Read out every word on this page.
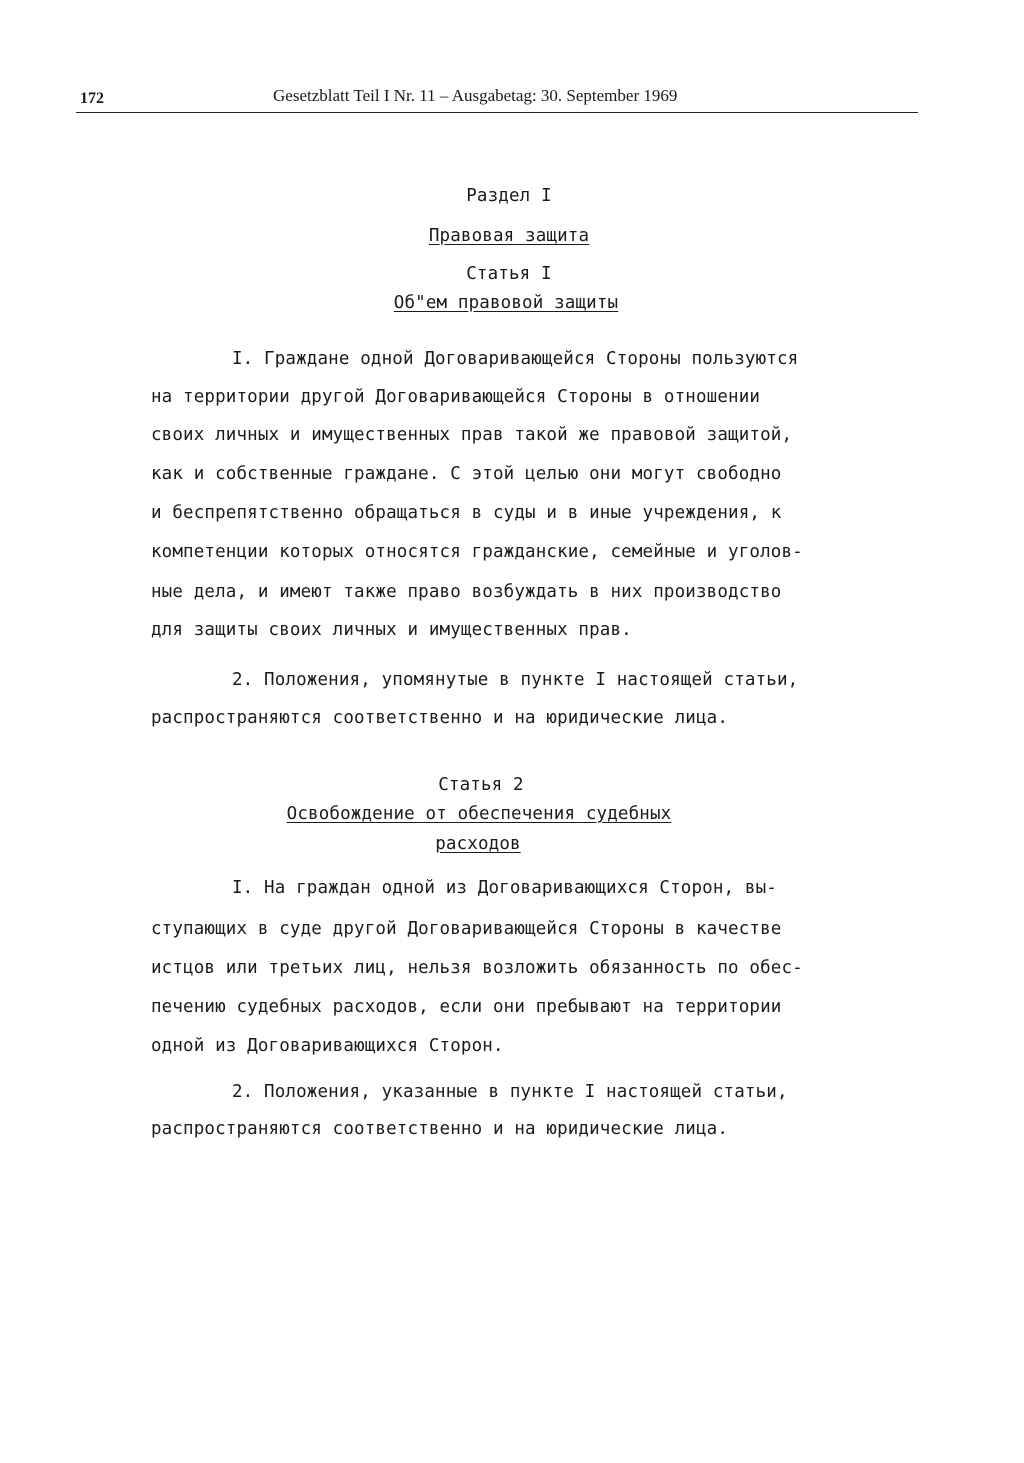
172	Gesetzblatt Teil I Nr. 11 – Ausgabetag: 30. September 1969
Раздел I
Правовая защита
Статья I
Об"ем правовой защиты
I. Граждане одной Договаривающейся Стороны пользуются
на территории другой Договаривающейся Стороны в отношении
своих личных и имущественных прав такой же правовой защитой,
как и собственные граждане. С этой целью они могут свободно
и беспрепятственно обращаться в суды и в иные учреждения, к
компетенции которых относятся гражданские, семейные и уголов-
ные дела, и имеют также право возбуждать в них производство
для защиты своих личных и имущественных прав.
2. Положения, упомянутые в пункте I настоящей статьи,
распространяются соответственно и на юридические лица.
Статья 2
Освобождение от обеспечения судебных
расходов
I. На граждан одной из Договаривающихся Сторон, вы-
ступающих в суде другой Договаривающейся Стороны в качестве
истцов или третьих лиц, нельзя возложить обязанность по обес-
печению судебных расходов, если они пребывают на территории
одной из Договаривающихся Сторон.
2. Положения, указанные в пункте I настоящей статьи,
распространяются соответственно и на юридические лица.
